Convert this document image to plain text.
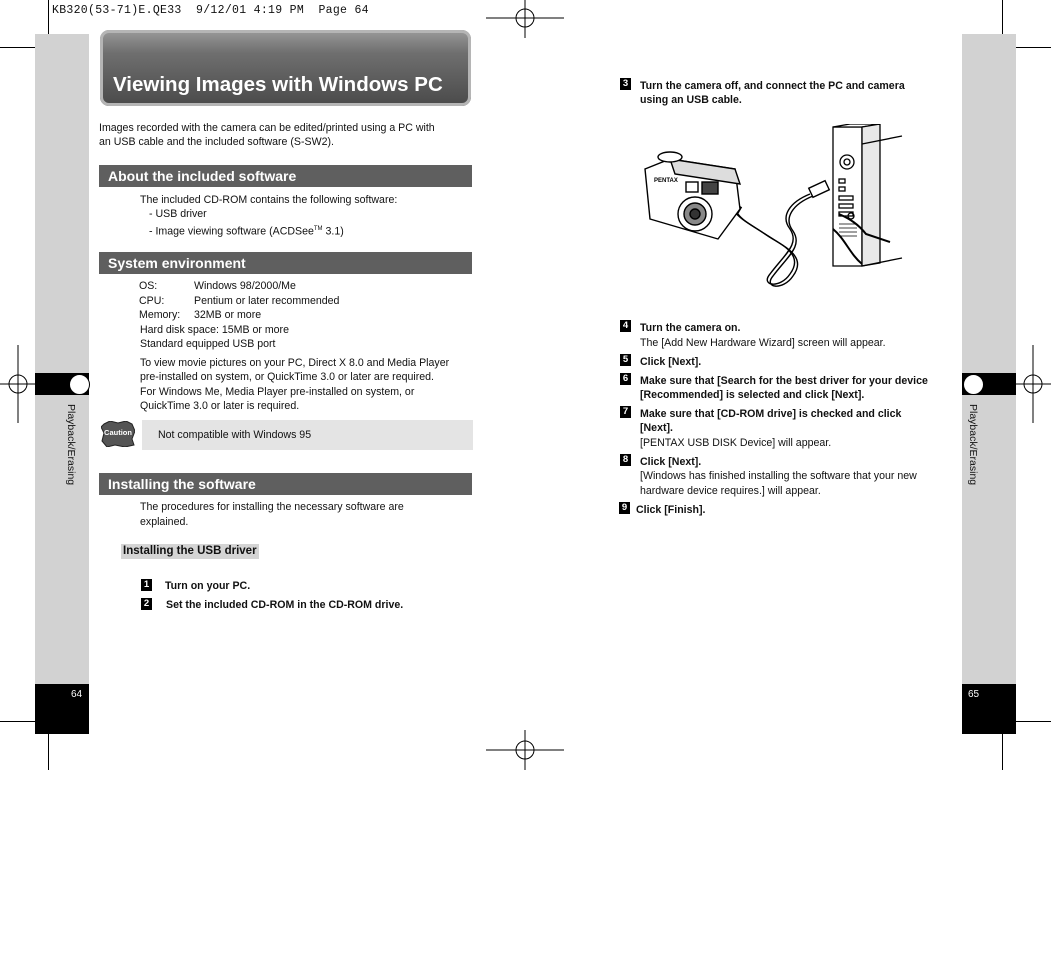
KB320(53-71)E.QE33  9/12/01 4:19 PM  Page 64
64
Playback/Erasing
65
Playback/Erasing
Viewing Images with Windows PC
Images recorded with the camera can be edited/printed using a PC with
an USB cable and the included software (S-SW2).
About the included software
The included CD-ROM contains the following software:
- USB driver
- Image viewing software (ACDSee™ 3.1)
System environment
OS:	Windows 98/2000/Me
CPU:	Pentium or later recommended
Memory: 32MB or more
Hard disk space: 15MB or more
Standard equipped USB port
To view movie pictures on your PC, Direct X 8.0 and Media Player
pre-installed on system, or QuickTime 3.0 or later are required.
For Windows Me, Media Player pre-installed on system, or
QuickTime 3.0 or later is required.
Caution Not compatible with Windows 95
Installing the software
The procedures for installing the necessary software are
explained.
Installing the USB driver
1 Turn on your PC.
2 Set the included CD-ROM in the CD-ROM drive.
3 Turn the camera off, and connect the PC and camera
using an USB cable.
PENTAX
4 Turn the camera on.
The [Add New Hardware Wizard] screen will appear.
5 Click [Next].
6 Make sure that [Search for the best driver for your device
[Recommended] is selected and click [Next].
7 Make sure that [CD-ROM drive] is checked and click
[Next].
[PENTAX USB DISK Device] will appear.
8 Click [Next].
[Windows has finished installing the software that your new
hardware device requires.] will appear.
9 Click [Finish].
